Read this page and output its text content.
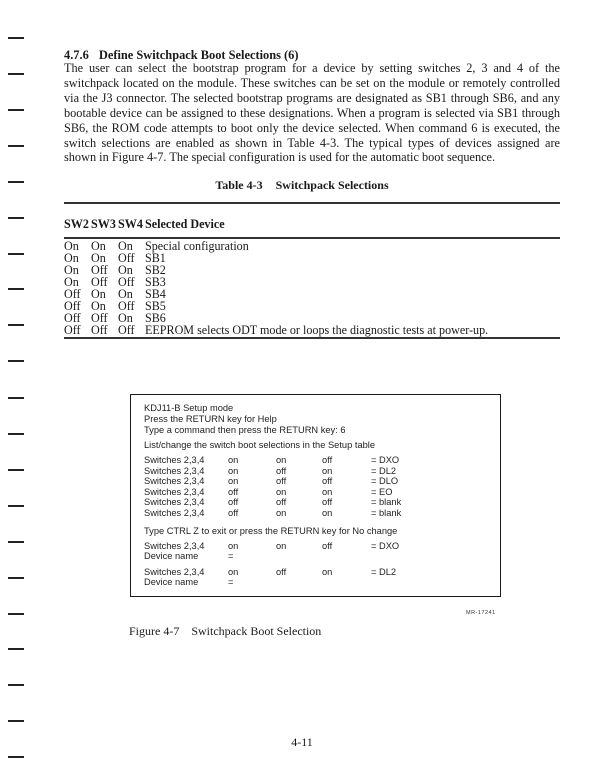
4.7.6 Define Switchpack Boot Selections (6)
The user can select the bootstrap program for a device by setting switches 2, 3 and 4 of the switchpack located on the module. These switches can be set on the module or remotely controlled via the J3 connector. The selected bootstrap programs are designated as SB1 through SB6, and any bootable device can be assigned to these designations. When a program is selected via SB1 through SB6, the ROM code attempts to boot only the device selected. When command 6 is executed, the switch selections are enabled as shown in Table 4-3. The typical types of devices assigned are shown in Figure 4-7. The special configuration is used for the automatic boot sequence.
Table 4-3 Switchpack Selections
SW2	SW3	SW4	Selected Device
On	On	On	Special configuration
On	On	Off	SB1
On	Off	On	SB2
On	Off	Off	SB3
Off	On	On	SB4
Off	On	Off	SB5
Off	Off	On	SB6
Off	Off	Off	EEPROM selects ODT mode or loops the diagnostic tests at power-up.
KDJ11-B Setup mode
Press the RETURN key for Help
Type a command then press the RETURN key: 6
List/change the switch boot selections in the Setup table
Switches 2,3,4	on	on	off	= DXO
Switches 2,3,4	on	off	on	= DL2
Switches 2,3,4	on	off	off	= DLO
Switches 2,3,4	off	on	on	= EO
Switches 2,3,4	off	off	off	= blank
Switches 2,3,4	off	on	on	= blank
Type CTRL Z to exit or press the RETURN key for No change
Switches 2,3,4	on	on	off	= DXO
Device name	=
Switches 2,3,4	on	off	on	= DL2
Device name	=
MR-17241
Figure 4-7 Switchpack Boot Selection
4-11
